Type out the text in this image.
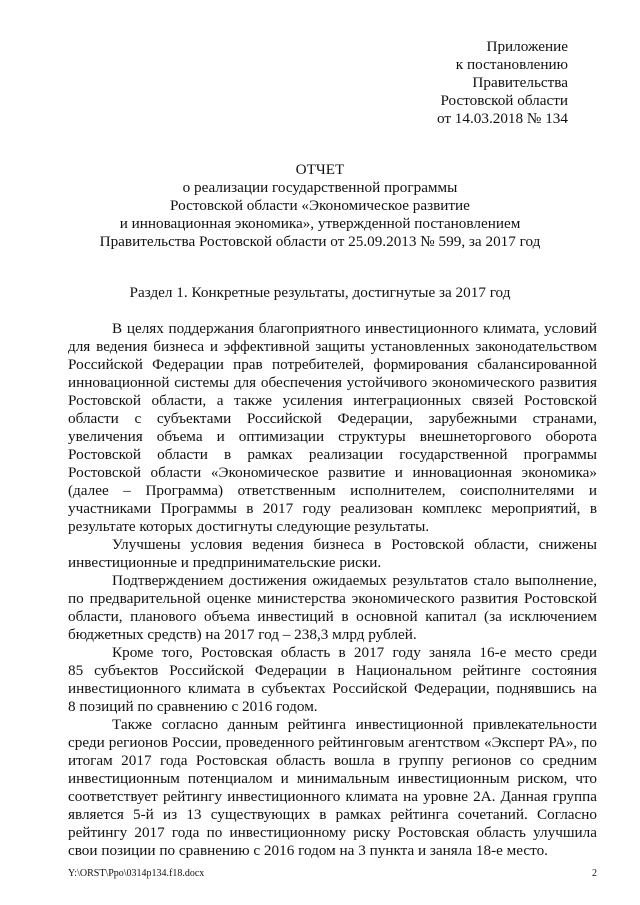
Приложение
к постановлению
Правительства
Ростовской области
от 14.03.2018 № 134
ОТЧЕТ
о реализации государственной программы
Ростовской области «Экономическое развитие
и инновационная экономика», утвержденной постановлением
Правительства Ростовской области от 25.09.2013 № 599, за 2017 год
Раздел 1. Конкретные результаты, достигнутые за 2017 год
В целях поддержания благоприятного инвестиционного климата, условий
для ведения бизнеса и эффективной защиты установленных законодательством
Российской Федерации прав потребителей, формирования сбалансированной
инновационной системы для обеспечения устойчивого экономического развития
Ростовской области, а также усиления интеграционных связей Ростовской
области с субъектами Российской Федерации, зарубежными странами,
увеличения объема и оптимизации структуры внешнеторгового оборота
Ростовской области в рамках реализации государственной программы
Ростовской области «Экономическое развитие и инновационная экономика»
(далее – Программа) ответственным исполнителем, соисполнителями и
участниками Программы в 2017 году реализован комплекс мероприятий, в
результате которых достигнуты следующие результаты.
Улучшены условия ведения бизнеса в Ростовской области, снижены
инвестиционные и предпринимательские риски.
Подтверждением достижения ожидаемых результатов стало выполнение,
по предварительной оценке министерства экономического развития Ростовской
области, планового объема инвестиций в основной капитал (за исключением
бюджетных средств) на 2017 год – 238,3 млрд рублей.
Кроме того, Ростовская область в 2017 году заняла 16-е место среди
85 субъектов Российской Федерации в Национальном рейтинге состояния
инвестиционного климата в субъектах Российской Федерации, поднявшись на
8 позиций по сравнению с 2016 годом.
Также согласно данным рейтинга инвестиционной привлекательности
среди регионов России, проведенного рейтинговым агентством «Эксперт РА», по
итогам 2017 года Ростовская область вошла в группу регионов со средним
инвестиционным потенциалом и минимальным инвестиционным риском, что
соответствует рейтингу инвестиционного климата на уровне 2А. Данная группа
является 5-й из 13 существующих в рамках рейтинга сочетаний. Согласно
рейтингу 2017 года по инвестиционному риску Ростовская область улучшила
свои позиции по сравнению с 2016 годом на 3 пункта и заняла 18-е место.
Y:\ORST\Ppo\0314p134.f18.docx	2
